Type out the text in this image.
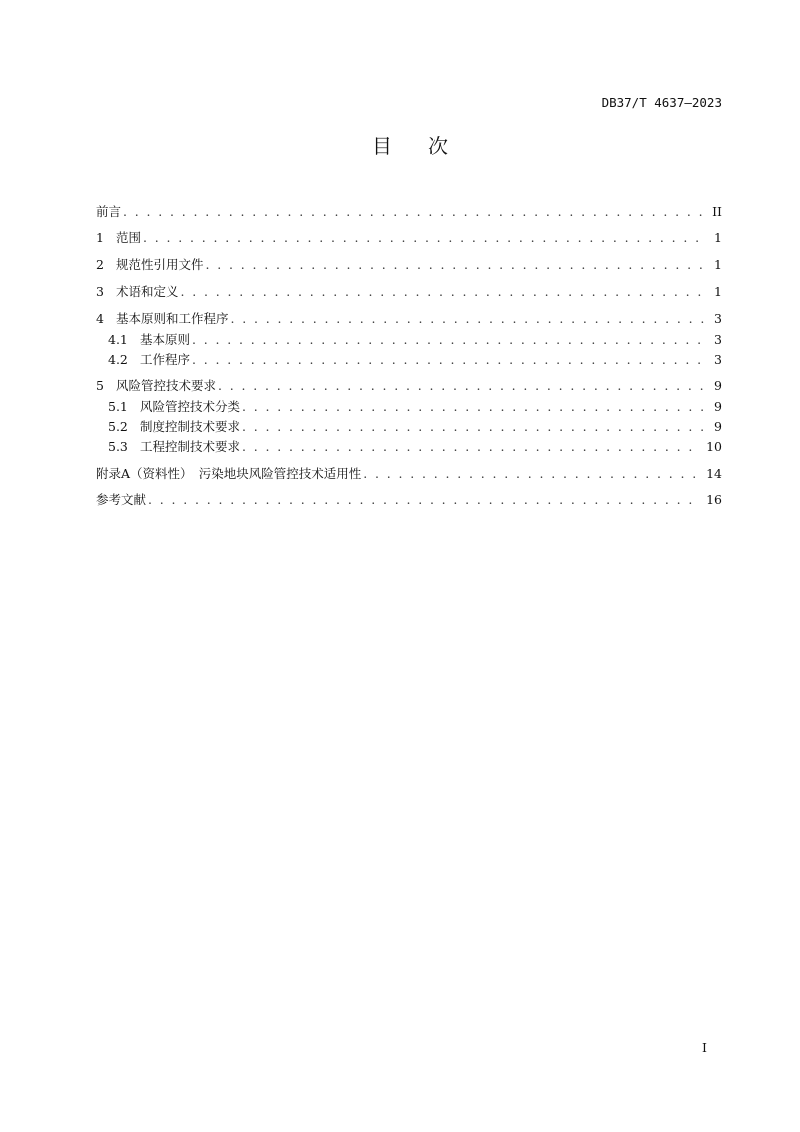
DB37/T 4637—2023
目 次
前言 . . .	II
1 范围 . . .	1
2 规范性引用文件 . . .	1
3 术语和定义 . . .	1
4 基本原则和工作程序 . . .	3
4.1 基本原则 . . .	3
4.2 工作程序 . . .	3
5 风险管控技术要求 . . .	9
5.1 风险管控技术分类 . . .	9
5.2 制度控制技术要求 . . .	9
5.3 工程控制技术要求 . . .	10
附录A（资料性）　污染地块风险管控技术适用性 . . .	14
参考文献 . . .	16
I
